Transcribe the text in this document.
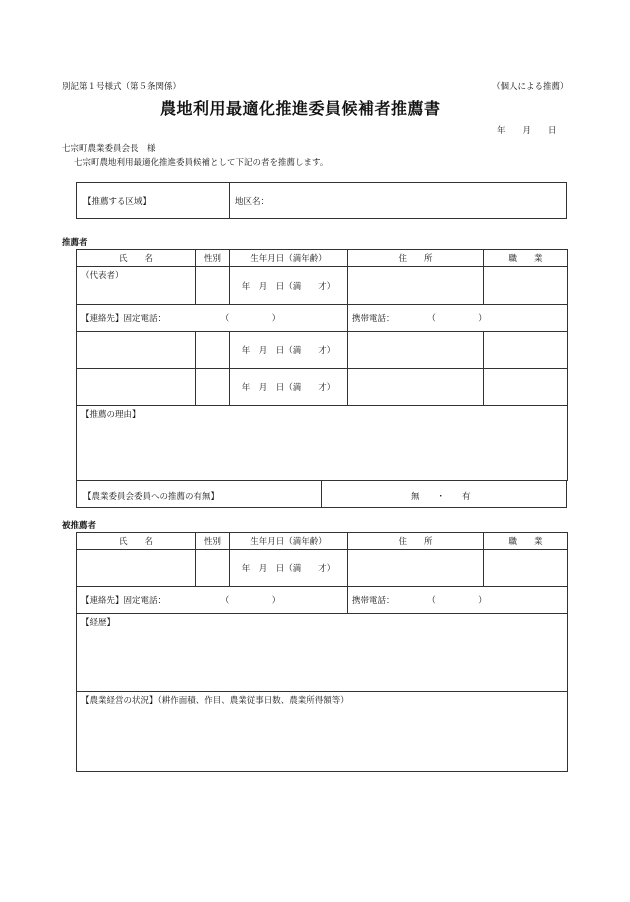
別記第１号様式（第５条関係）	（個人による推薦）
農地利用最適化推進委員候補者推薦書
年　　月　　日
七宗町農業委員会長　様
七宗町農地利用最適化推進委員候補として下記の者を推薦します。
【推薦する区域】	地区名：
推薦者
氏　　名	性別	生年月日（満年齢）	住　　所	職　　業
（代表者）		年　月　日（満　　才）		
【連絡先】固定電話： （　　　　　）			携帯電話： （　　　　　）	
		年　月　日（満　　才）		
		年　月　日（満　　才）		
【推薦の理由】				
【農業委員会委員への推薦の有無】	無　　・　　有
被推薦者
氏　　名	性別	生年月日（満年齢）	住　　所	職　　業
		年　月　日（満　　才）		
【連絡先】固定電話： （　　　　　）			携帯電話： （　　　　　）	
【経歴】				
【農業経営の状況】（耕作面積、作目、農業従事日数、農業所得額等）				
